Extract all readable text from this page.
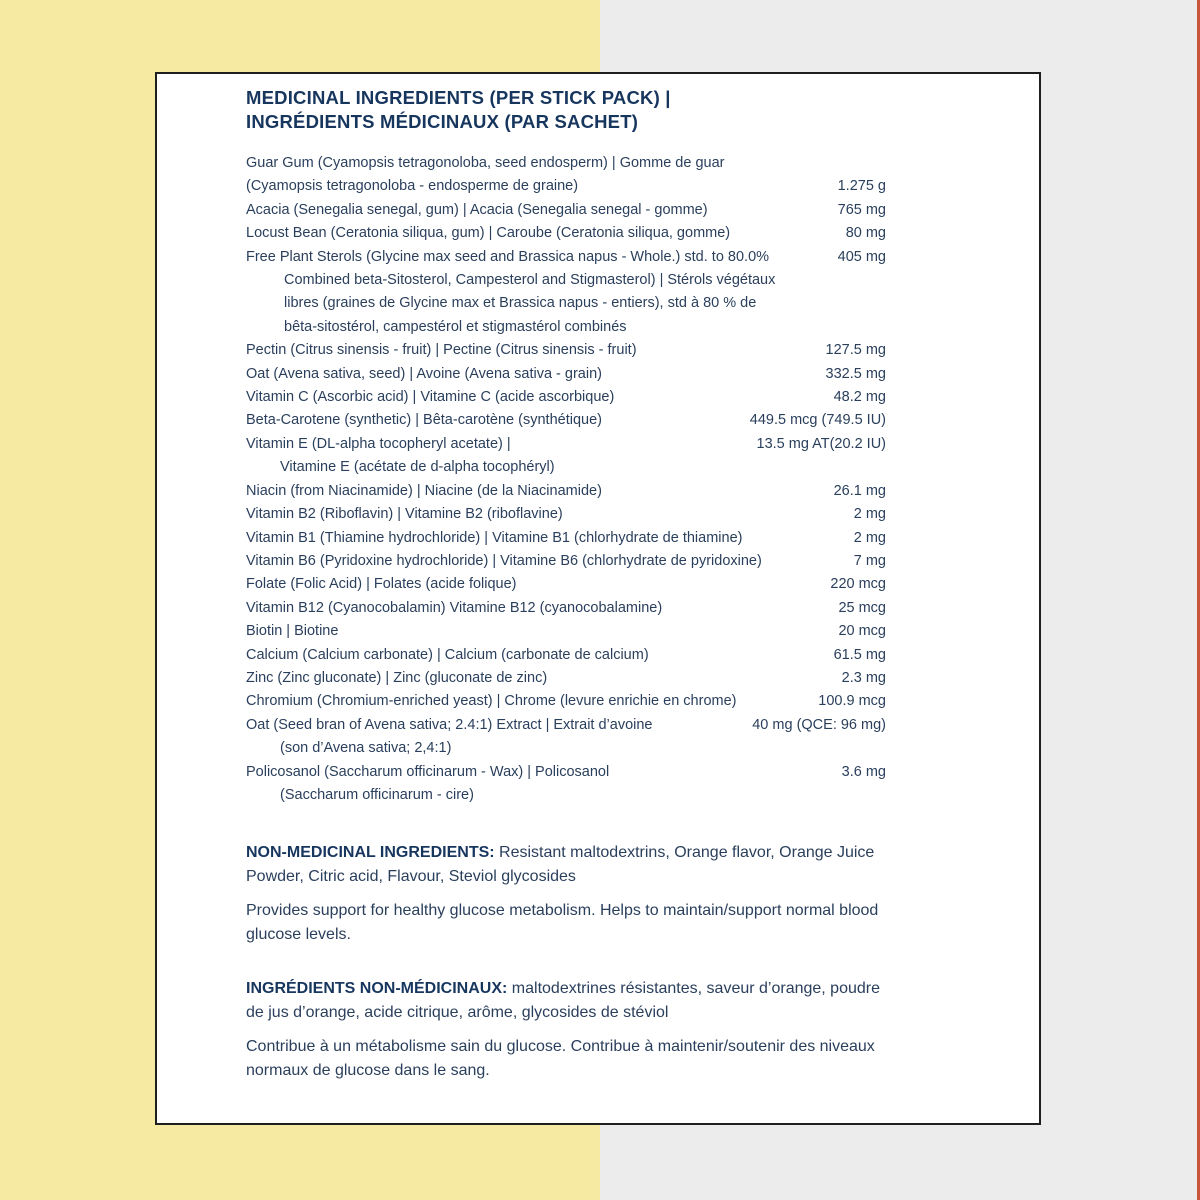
MEDICINAL INGREDIENTS (PER STICK PACK) |
INGRÉDIENTS MÉDICINAUX (PAR SACHET)
Guar Gum (Cyamopsis tetragonoloba, seed endosperm) | Gomme de guar
(Cyamopsis tetragonoloba - endosperme de graine)	1.275 g
Acacia (Senegalia senegal, gum) | Acacia (Senegalia senegal - gomme)	765 mg
Locust Bean (Ceratonia siliqua, gum) | Caroube (Ceratonia siliqua, gomme)	80 mg
Free Plant Sterols (Glycine max seed and Brassica napus - Whole.) std. to 80.0%	405 mg
Combined beta-Sitosterol, Campesterol and Stigmasterol) | Stérols végétaux
libres (graines de Glycine max et Brassica napus - entiers), std à 80 % de
bêta-sitostérol, campestérol et stigmastérol combinés
Pectin (Citrus sinensis - fruit) | Pectine (Citrus sinensis - fruit)	127.5 mg
Oat (Avena sativa, seed) | Avoine (Avena sativa - grain)	332.5 mg
Vitamin C (Ascorbic acid) | Vitamine C (acide ascorbique)	48.2 mg
Beta-Carotene (synthetic) | Bêta-carotène (synthétique)	449.5 mcg (749.5 IU)
Vitamin E (DL-alpha tocopheryl acetate) |	13.5 mg AT(20.2 IU)
Vitamine E (acétate de d-alpha tocophéryl)
Niacin (from Niacinamide) | Niacine (de la Niacinamide)	26.1 mg
Vitamin B2 (Riboflavin) | Vitamine B2 (riboflavine)	2 mg
Vitamin B1 (Thiamine hydrochloride) | Vitamine B1 (chlorhydrate de thiamine)	2 mg
Vitamin B6 (Pyridoxine hydrochloride) | Vitamine B6 (chlorhydrate de pyridoxine)	7 mg
Folate (Folic Acid) | Folates (acide folique)	220 mcg
Vitamin B12 (Cyanocobalamin) Vitamine B12 (cyanocobalamine)	25 mcg
Biotin | Biotine	20 mcg
Calcium (Calcium carbonate) | Calcium (carbonate de calcium)	61.5 mg
Zinc (Zinc gluconate) | Zinc (gluconate de zinc)	2.3 mg
Chromium (Chromium-enriched yeast) | Chrome (levure enrichie en chrome)	100.9 mcg
Oat (Seed bran of Avena sativa; 2.4:1) Extract | Extrait d’avoine	40 mg (QCE: 96 mg)
(son d’Avena sativa; 2,4:1)
Policosanol (Saccharum officinarum - Wax) | Policosanol	3.6 mg
(Saccharum officinarum - cire)
NON-MEDICINAL INGREDIENTS: Resistant maltodextrins, Orange flavor, Orange Juice Powder, Citric acid, Flavour, Steviol glycosides
Provides support for healthy glucose metabolism. Helps to maintain/support normal blood glucose levels.
INGRÉDIENTS NON-MÉDICINAUX: maltodextrines résistantes, saveur d’orange, poudre de jus d’orange, acide citrique, arôme, glycosides de stéviol
Contribue à un métabolisme sain du glucose. Contribue à maintenir/soutenir des niveaux normaux de glucose dans le sang.
